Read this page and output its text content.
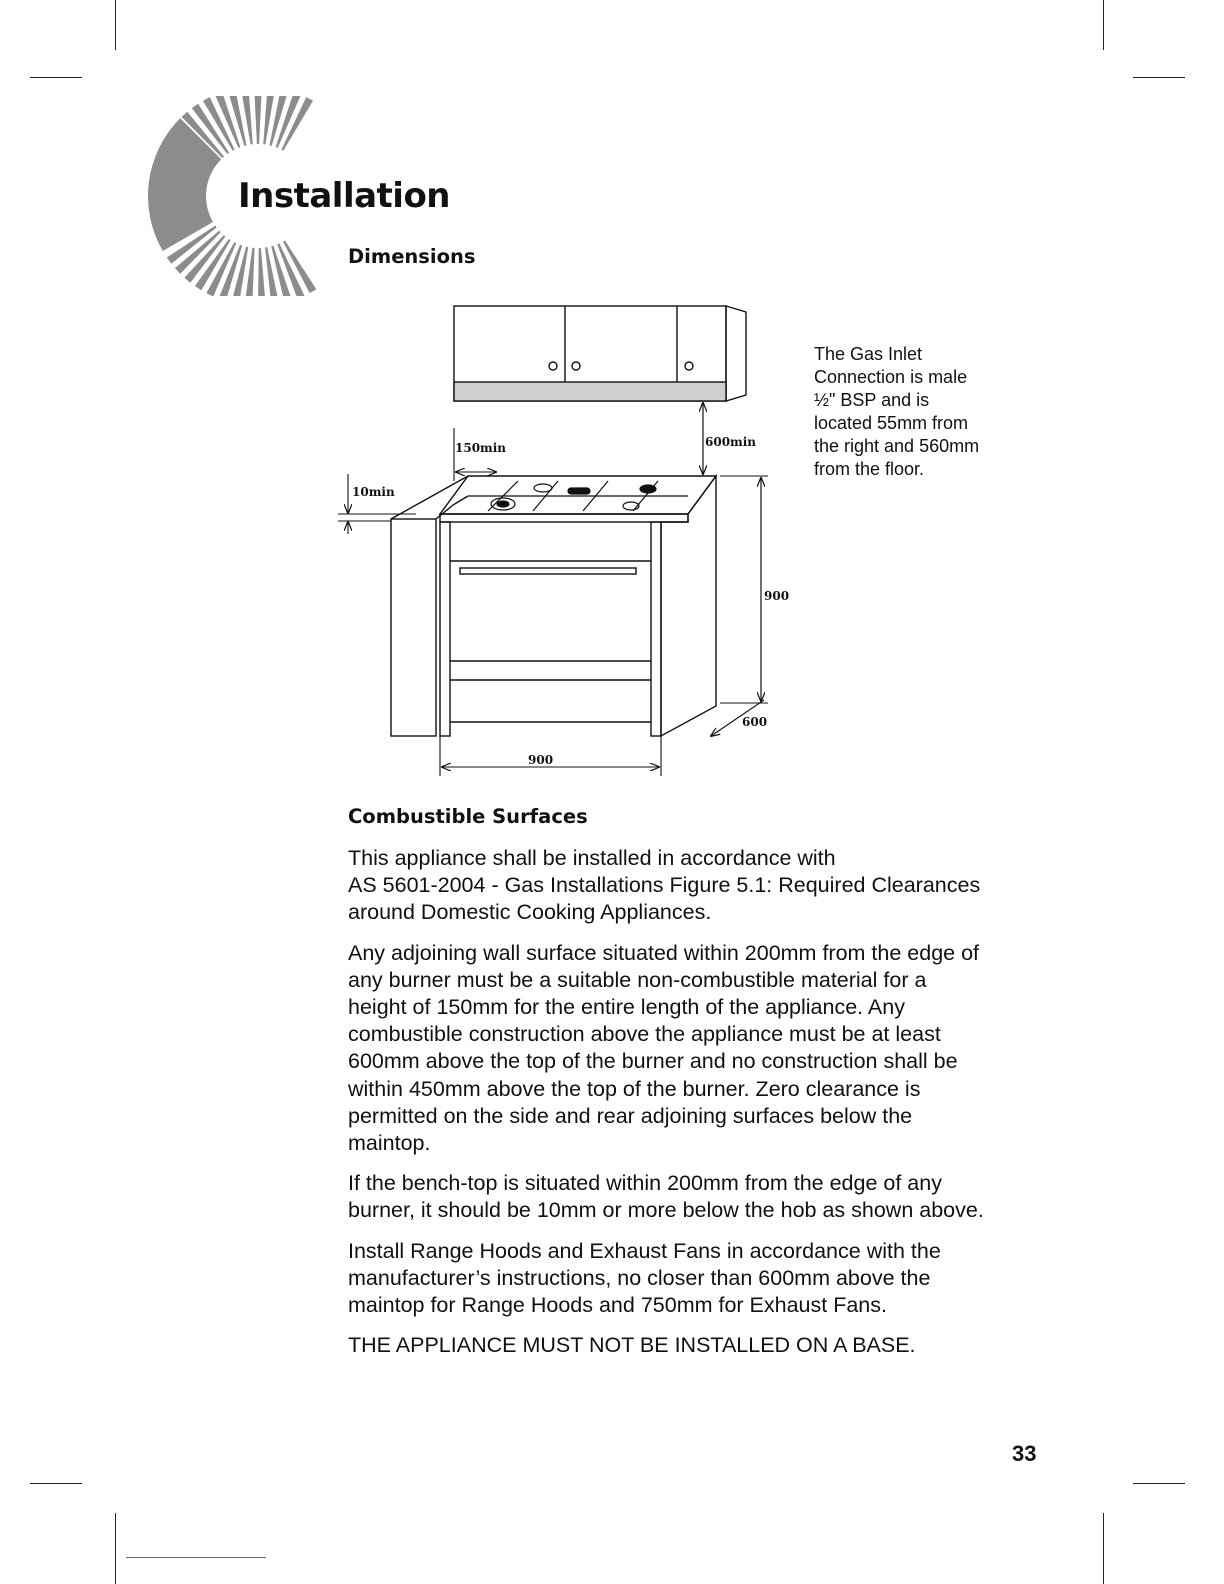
Installation
Dimensions
150min	600min
10min
900
600
900
The Gas Inlet
Connection is male
½" BSP and is
located 55mm from
the right and 560mm
from the floor.
Combustible Surfaces

This appliance shall be installed in accordance with
AS 5601-2004 - Gas Installations Figure 5.1: Required Clearances
around Domestic Cooking Appliances.

Any adjoining wall surface situated within 200mm from the edge of
any burner must be a suitable non-combustible material for a
height of 150mm for the entire length of the appliance. Any
combustible construction above the appliance must be at least
600mm above the top of the burner and no construction shall be
within 450mm above the top of the burner. Zero clearance is
permitted on the side and rear adjoining surfaces below the
maintop.

If the bench-top is situated within 200mm from the edge of any
burner, it should be 10mm or more below the hob as shown above.

Install Range Hoods and Exhaust Fans in accordance with the
manufacturer’s instructions, no closer than 600mm above the
maintop for Range Hoods and 750mm for Exhaust Fans.

THE APPLIANCE MUST NOT BE INSTALLED ON A BASE.

33
